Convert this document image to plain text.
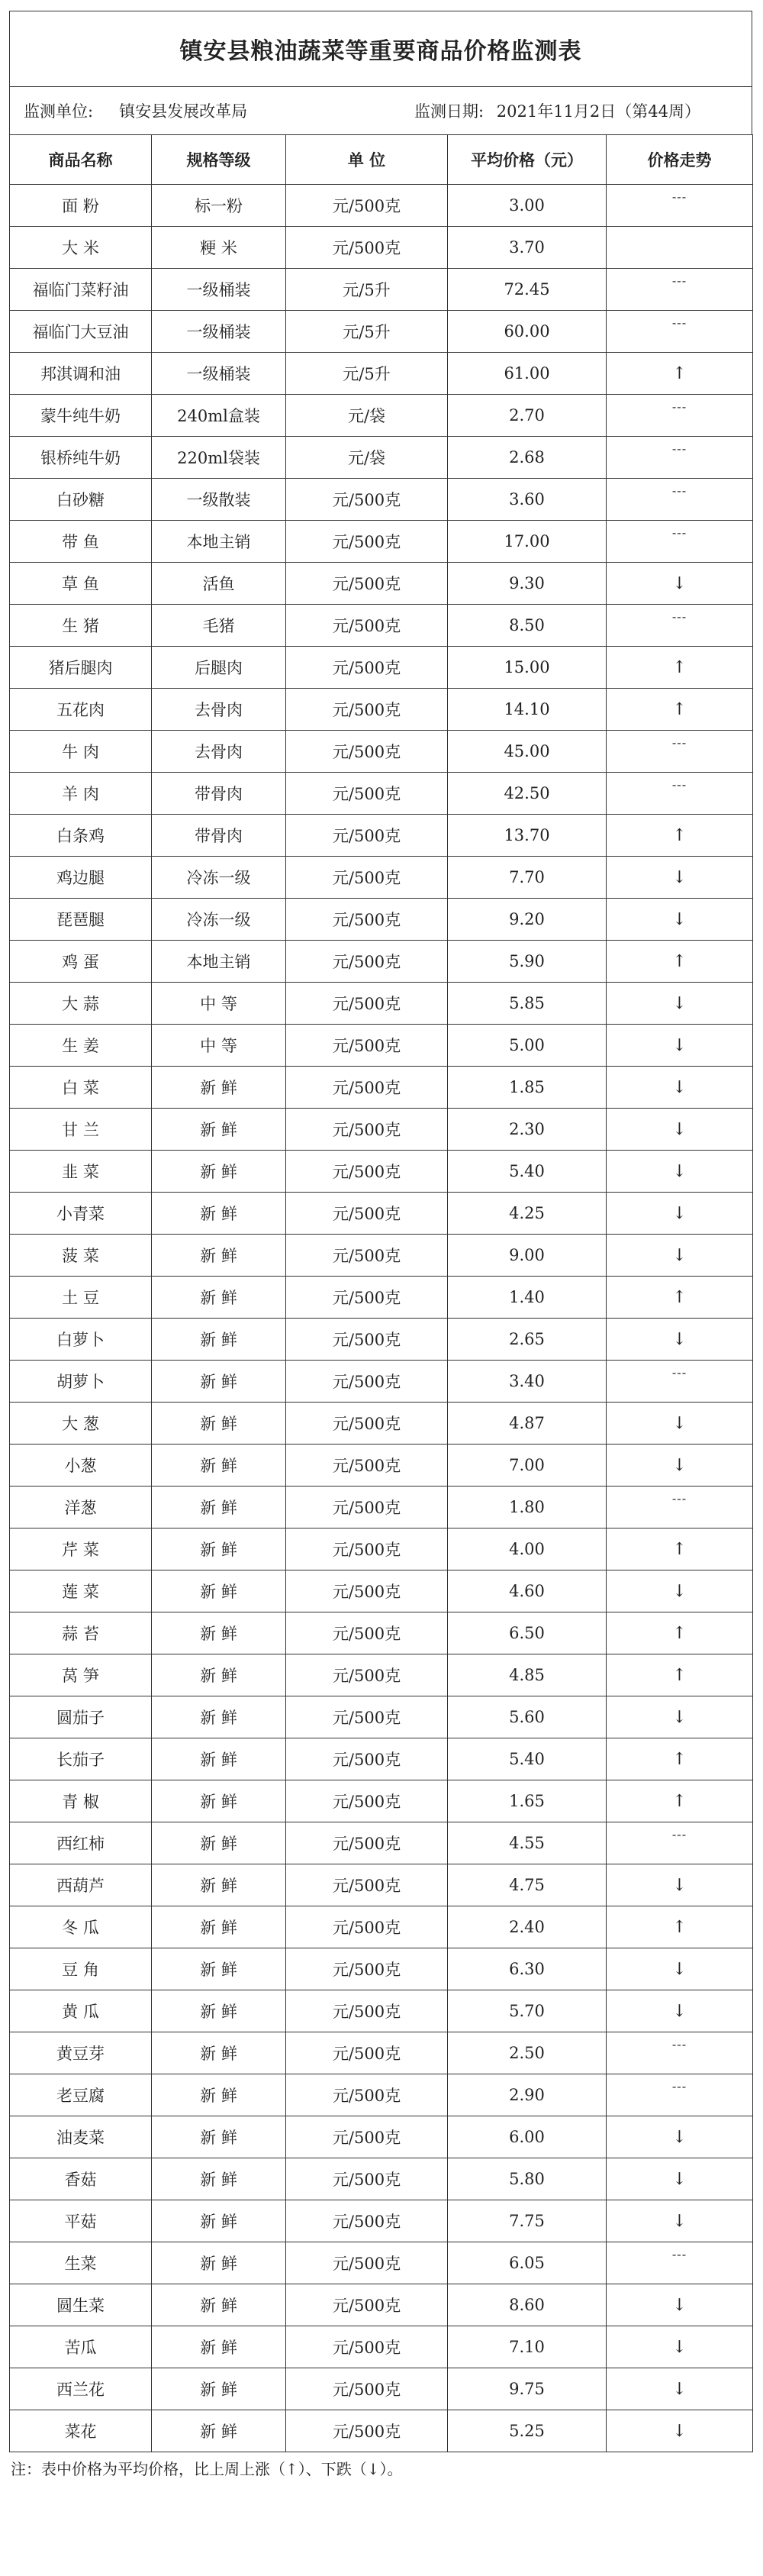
镇安县粮油蔬菜等重要商品价格监测表
监测单位: 镇安县发展改革局	监测日期: 2021年11月2日（第44周）
商品名称	规格等级	单 位	平均价格（元）	价格走势
面 粉	标一粉	元/500克	3.00	---

大 米	粳 米	元/500克	3.70	
福临门菜籽油	一级桶装	元/5升	72.45	---

福临门大豆油	一级桶装	元/5升	60.00	---

邦淇调和油	一级桶装	元/5升	61.00	↑
蒙牛纯牛奶	240ml盒装	元/袋	2.70	---

银桥纯牛奶	220ml袋装	元/袋	2.68	---

白砂糖	一级散装	元/500克	3.60	---

带 鱼	本地主销	元/500克	17.00	---

草 鱼	活鱼	元/500克	9.30	↓
生 猪	毛猪	元/500克	8.50	---

猪后腿肉	后腿肉	元/500克	15.00	↑
五花肉	去骨肉	元/500克	14.10	↑
牛 肉	去骨肉	元/500克	45.00	---

羊 肉	带骨肉	元/500克	42.50	---

白条鸡	带骨肉	元/500克	13.70	↑
鸡边腿	冷冻一级	元/500克	7.70	↓
琵琶腿	冷冻一级	元/500克	9.20	↓
鸡 蛋	本地主销	元/500克	5.90	↑
大 蒜	中 等	元/500克	5.85	↓
生 姜	中 等	元/500克	5.00	↓
白 菜	新 鲜	元/500克	1.85	↓
甘 兰	新 鲜	元/500克	2.30	↓
韭 菜	新 鲜	元/500克	5.40	↓
小青菜	新 鲜	元/500克	4.25	↓
菠 菜	新 鲜	元/500克	9.00	↓
土 豆	新 鲜	元/500克	1.40	↑
白萝卜	新 鲜	元/500克	2.65	↓
胡萝卜	新 鲜	元/500克	3.40	---

大 葱	新 鲜	元/500克	4.87	↓
小葱	新 鲜	元/500克	7.00	↓
洋葱	新 鲜	元/500克	1.80	---

芹 菜	新 鲜	元/500克	4.00	↑
莲 菜	新 鲜	元/500克	4.60	↓
蒜 苔	新 鲜	元/500克	6.50	↑
莴 笋	新 鲜	元/500克	4.85	↑
圆茄子	新 鲜	元/500克	5.60	↓
长茄子	新 鲜	元/500克	5.40	↑
青 椒	新 鲜	元/500克	1.65	↑
西红柿	新 鲜	元/500克	4.55	---

西葫芦	新 鲜	元/500克	4.75	↓
冬 瓜	新 鲜	元/500克	2.40	↑
豆 角	新 鲜	元/500克	6.30	↓
黄 瓜	新 鲜	元/500克	5.70	↓
黄豆芽	新 鲜	元/500克	2.50	---

老豆腐	新 鲜	元/500克	2.90	---

油麦菜	新 鲜	元/500克	6.00	↓
香菇	新 鲜	元/500克	5.80	↓
平菇	新 鲜	元/500克	7.75	↓
生菜	新 鲜	元/500克	6.05	---

圆生菜	新 鲜	元/500克	8.60	↓
苦瓜	新 鲜	元/500克	7.10	↓
西兰花	新 鲜	元/500克	9.75	↓
菜花	新 鲜	元/500克	5.25	↓
注：表中价格为平均价格，比上周上涨（↑）、下跌（↓）。
